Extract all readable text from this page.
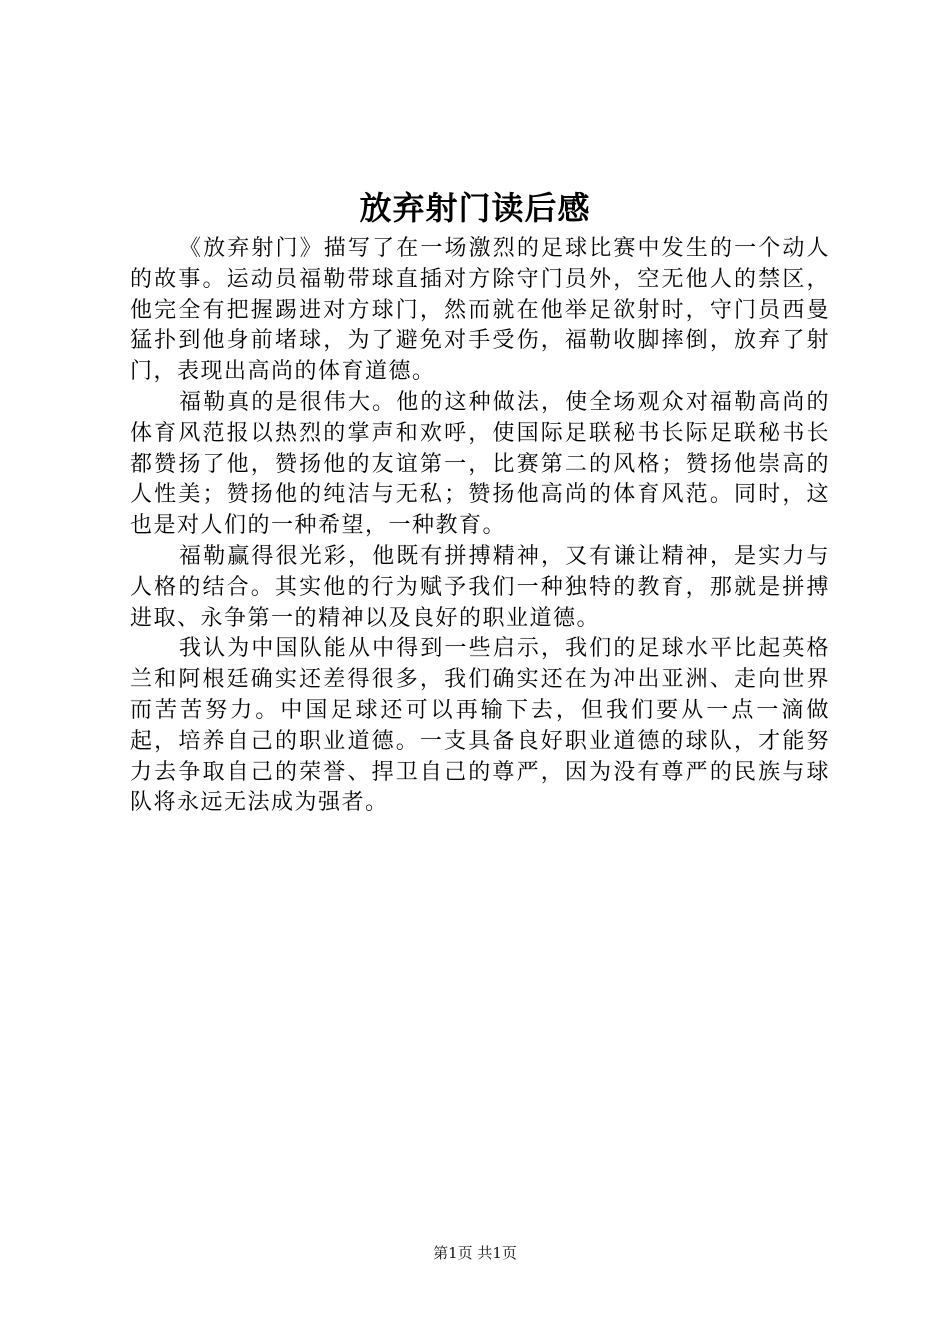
放弃射门读后感

《放弃射门》描写了在一场激烈的足球比赛中发生的一个动人的故事。运动员福勒带球直插对方除守门员外，空无他人的禁区，他完全有把握踢进对方球门，然而就在他举足欲射时，守门员西曼猛扑到他身前堵球，为了避免对手受伤，福勒收脚摔倒，放弃了射门，表现出高尚的体育道德。

福勒真的是很伟大。他的这种做法，使全场观众对福勒高尚的体育风范报以热烈的掌声和欢呼，使国际足联秘书长际足联秘书长都赞扬了他，赞扬他的友谊第一，比赛第二的风格；赞扬他崇高的人性美；赞扬他的纯洁与无私；赞扬他高尚的体育风范。同时，这也是对人们的一种希望，一种教育。

福勒赢得很光彩，他既有拼搏精神，又有谦让精神，是实力与人格的结合。其实他的行为赋予我们一种独特的教育，那就是拼搏进取、永争第一的精神以及良好的职业道德。

我认为中国队能从中得到一些启示，我们的足球水平比起英格兰和阿根廷确实还差得很多，我们确实还在为冲出亚洲、走向世界而苦苦努力。中国足球还可以再输下去，但我们要从一点一滴做起，培养自己的职业道德。一支具备良好职业道德的球队，才能努力去争取自己的荣誉、捍卫自己的尊严，因为没有尊严的民族与球队将永远无法成为强者。

第1页 共1页
